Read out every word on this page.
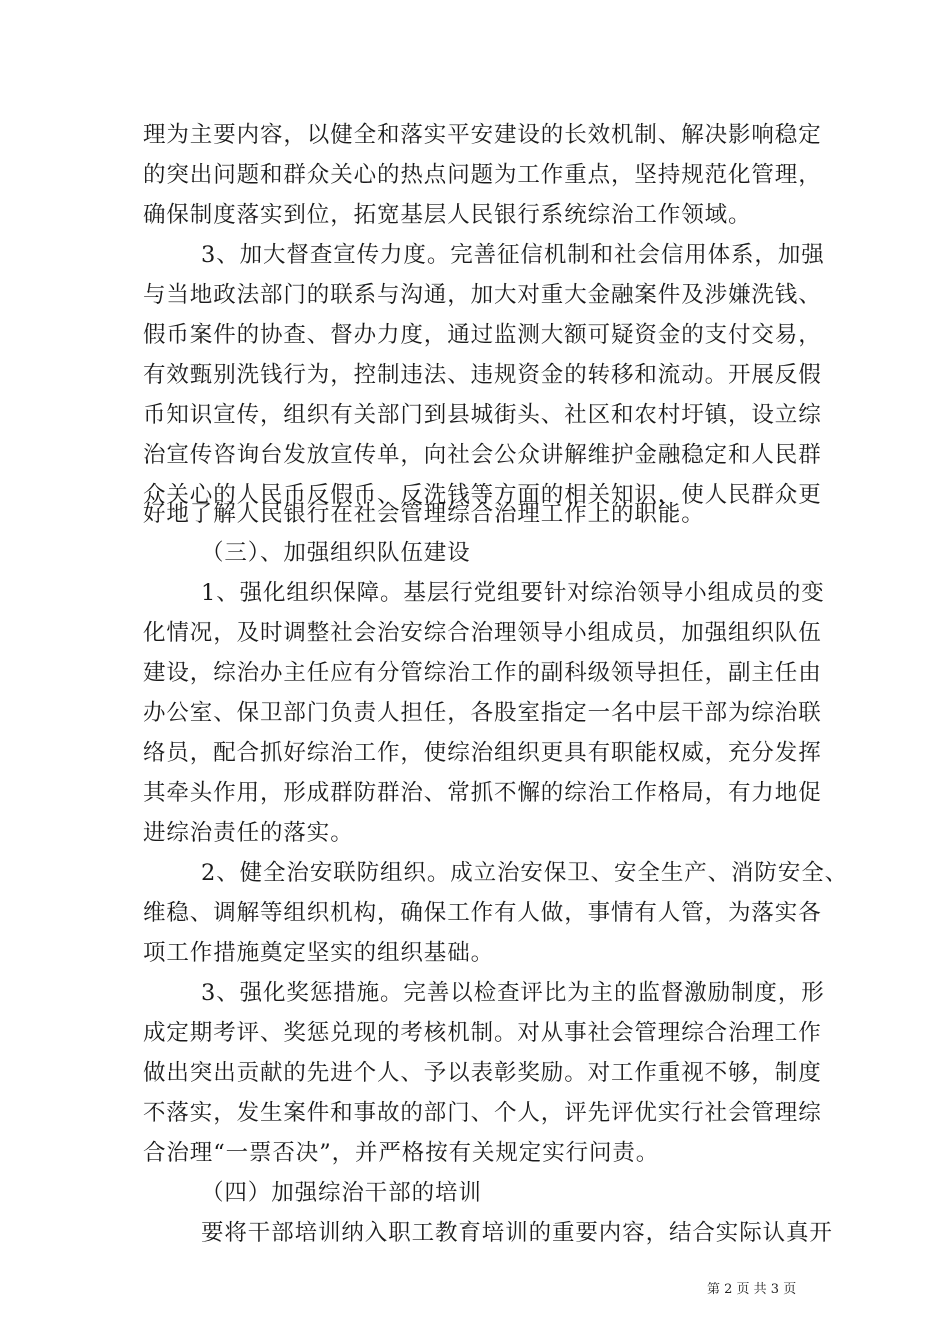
理为主要内容，以健全和落实平安建设的长效机制、解决影响稳定
的突出问题和群众关心的热点问题为工作重点，坚持规范化管理，
确保制度落实到位，拓宽基层人民银行系统综治工作领域。
3、加大督查宣传力度。完善征信机制和社会信用体系，加强
与当地政法部门的联系与沟通，加大对重大金融案件及涉嫌洗钱、
假币案件的协查、督办力度，通过监测大额可疑资金的支付交易，
有效甄别洗钱行为，控制违法、违规资金的转移和流动。开展反假
币知识宣传，组织有关部门到县城街头、社区和农村圩镇，设立综
治宣传咨询台发放宣传单，向社会公众讲解维护金融稳定和人民群
众关心的人民币反假币、反洗钱等方面的相关知识，使人民群众更
好地了解人民银行在社会管理综合治理工作上的职能。
（三）、加强组织队伍建设
1、强化组织保障。基层行党组要针对综治领导小组成员的变
化情况，及时调整社会治安综合治理领导小组成员，加强组织队伍
建设，综治办主任应有分管综治工作的副科级领导担任，副主任由
办公室、保卫部门负责人担任，各股室指定一名中层干部为综治联
络员，配合抓好综治工作，使综治组织更具有职能权威，充分发挥
其牵头作用，形成群防群治、常抓不懈的综治工作格局，有力地促
进综治责任的落实。
2、健全治安联防组织。成立治安保卫、安全生产、消防安全、
维稳、调解等组织机构，确保工作有人做，事情有人管，为落实各
项工作措施奠定坚实的组织基础。
3、强化奖惩措施。完善以检查评比为主的监督激励制度，形
成定期考评、奖惩兑现的考核机制。对从事社会管理综合治理工作
做出突出贡献的先进个人、予以表彰奖励。对工作重视不够，制度
不落实，发生案件和事故的部门、个人，评先评优实行社会管理综
合治理“一票否决”，并严格按有关规定实行问责。
（四）加强综治干部的培训
要将干部培训纳入职工教育培训的重要内容，结合实际认真开
第 2 页 共 3 页
